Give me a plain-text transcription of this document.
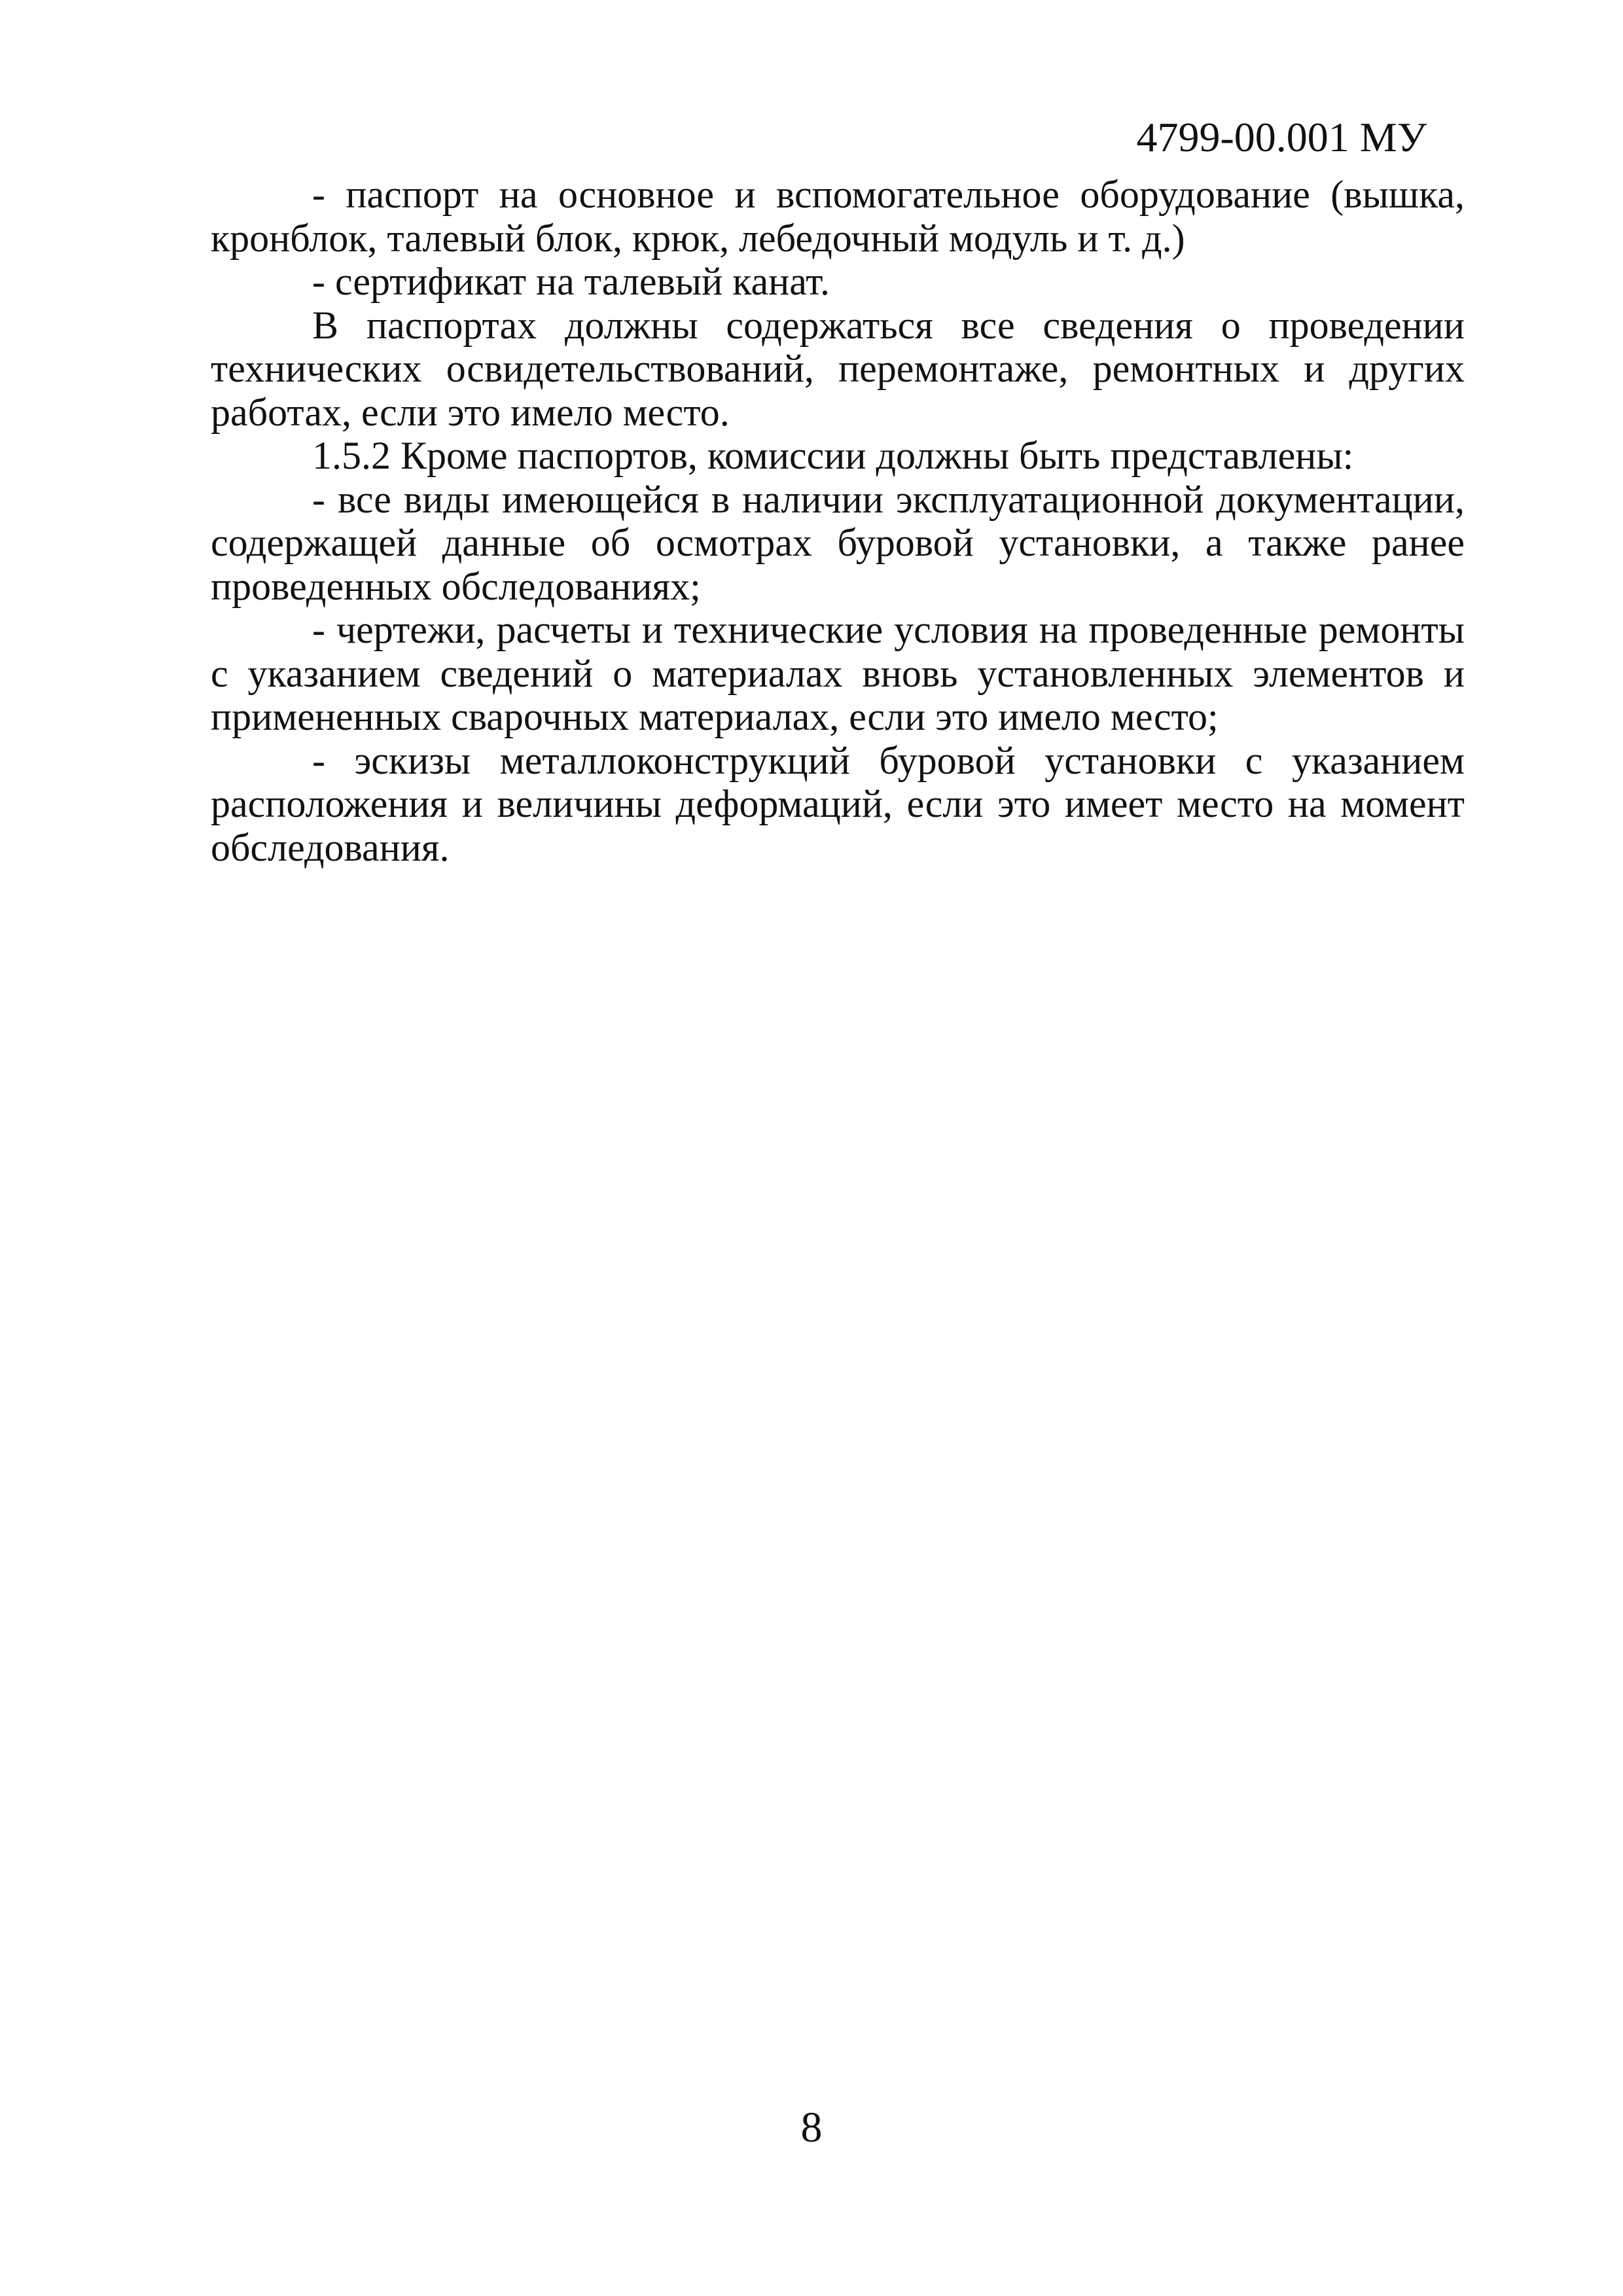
4799-00.001 МУ

- паспорт на основное и вспомогательное оборудование (вышка, кронблок, талевый блок, крюк, лебедочный модуль и т. д.)

- сертификат на талевый канат.

В паспортах должны содержаться все сведения о проведении технических освидетельствований, перемонтаже, ремонтных и других работах, если это имело место.

1.5.2 Кроме паспортов, комиссии должны быть представлены:

- все виды имеющейся в наличии эксплуатационной документации, содержащей данные об осмотрах буровой установки, а также ранее проведенных обследованиях;

- чертежи, расчеты и технические условия на проведенные ремонты с указанием сведений о материалах вновь установленных элементов и примененных сварочных материалах, если это имело место;

- эскизы металлоконструкций буровой установки с указанием расположения и величины деформаций, если это имеет место на момент обследования.

8
